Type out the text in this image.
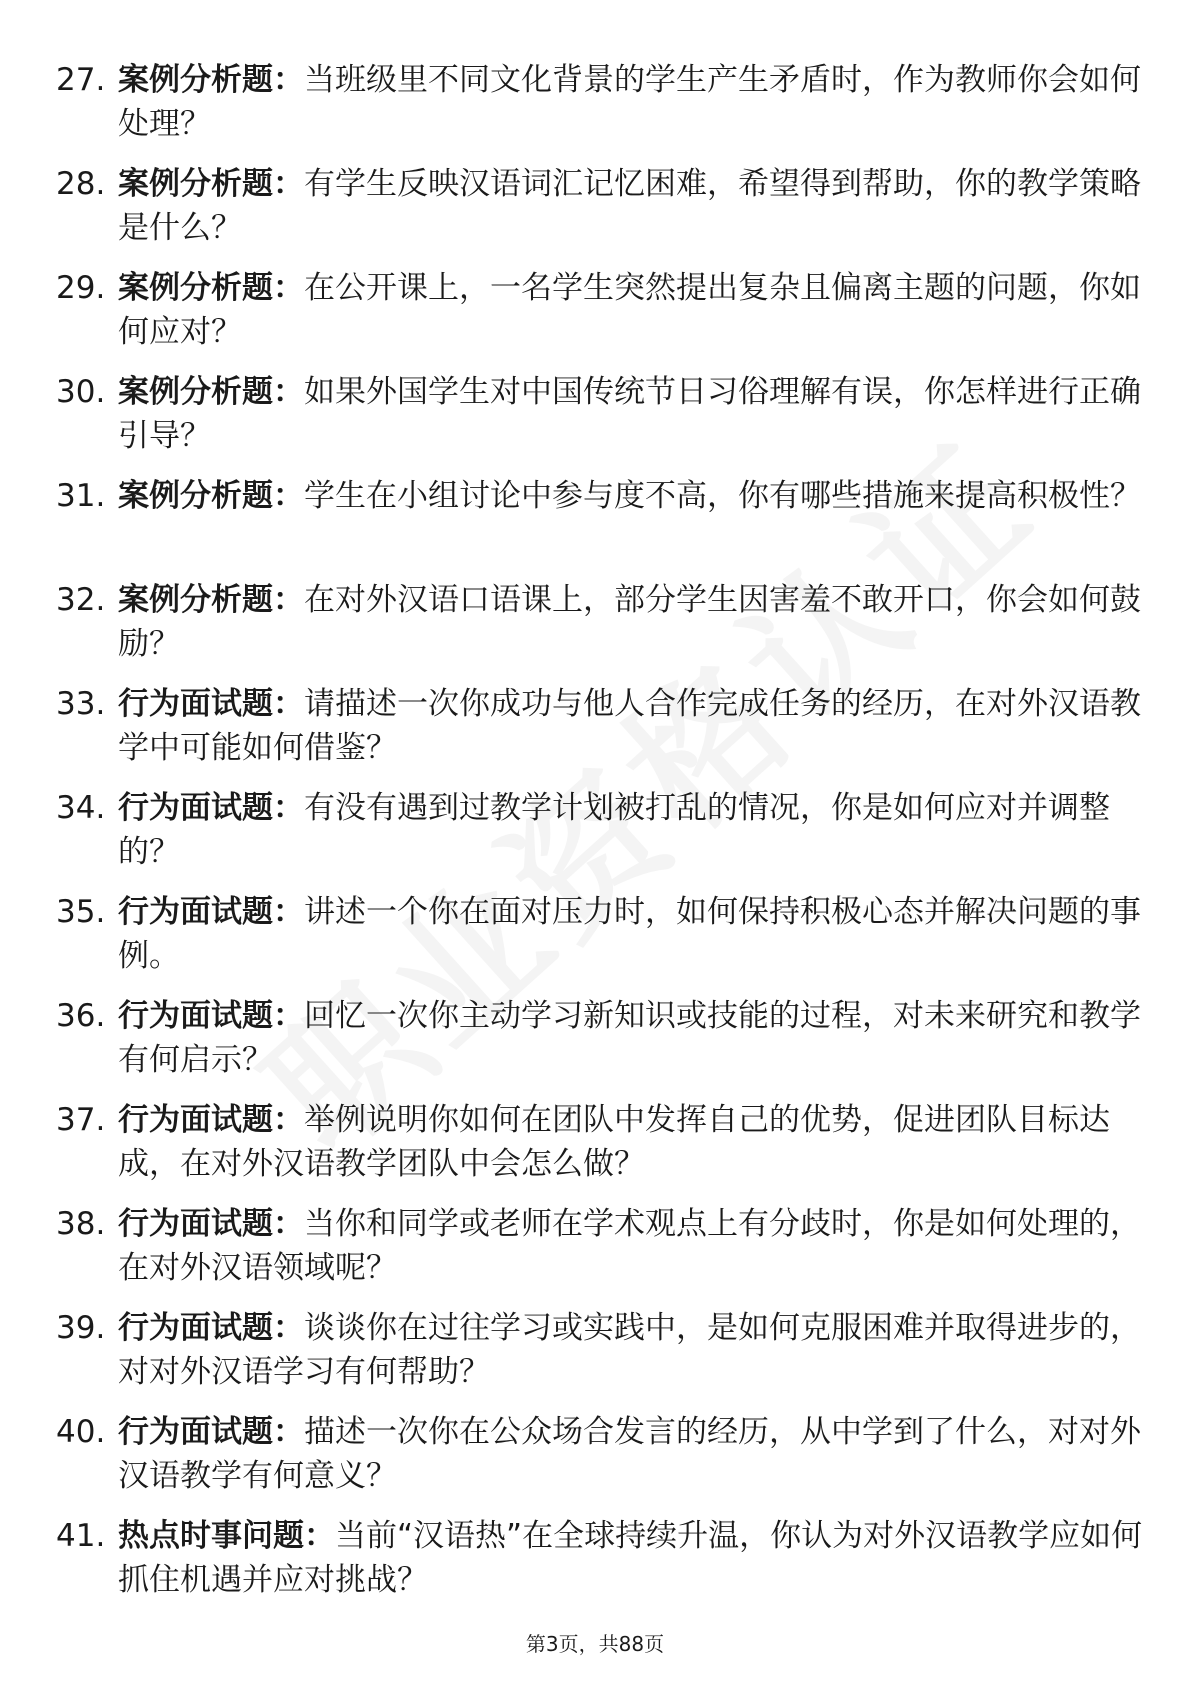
27. 案例分析题：当班级里不同文化背景的学生产生矛盾时，作为教师你会如何处理？
28. 案例分析题：有学生反映汉语词汇记忆困难，希望得到帮助，你的教学策略是什么？
29. 案例分析题：在公开课上，一名学生突然提出复杂且偏离主题的问题，你如何应对？
30. 案例分析题：如果外国学生对中国传统节日习俗理解有误，你怎样进行正确引导？
31. 案例分析题：学生在小组讨论中参与度不高，你有哪些措施来提高积极性？
32. 案例分析题：在对外汉语口语课上，部分学生因害羞不敢开口，你会如何鼓励？
33. 行为面试题：请描述一次你成功与他人合作完成任务的经历，在对外汉语教学中可能如何借鉴？
34. 行为面试题：有没有遇到过教学计划被打乱的情况，你是如何应对并调整的？
35. 行为面试题：讲述一个你在面对压力时，如何保持积极心态并解决问题的事例。
36. 行为面试题：回忆一次你主动学习新知识或技能的过程，对未来研究和教学有何启示？
37. 行为面试题：举例说明你如何在团队中发挥自己的优势，促进团队目标达成，在对外汉语教学团队中会怎么做？
38. 行为面试题：当你和同学或老师在学术观点上有分歧时，你是如何处理的，在对外汉语领域呢？
39. 行为面试题：谈谈你在过往学习或实践中，是如何克服困难并取得进步的，对对外汉语学习有何帮助？
40. 行为面试题：描述一次你在公众场合发言的经历，从中学到了什么，对对外汉语教学有何意义？
41. 热点时事问题：当前“汉语热”在全球持续升温，你认为对外汉语教学应如何抓住机遇并应对挑战？
第3页，共88页
